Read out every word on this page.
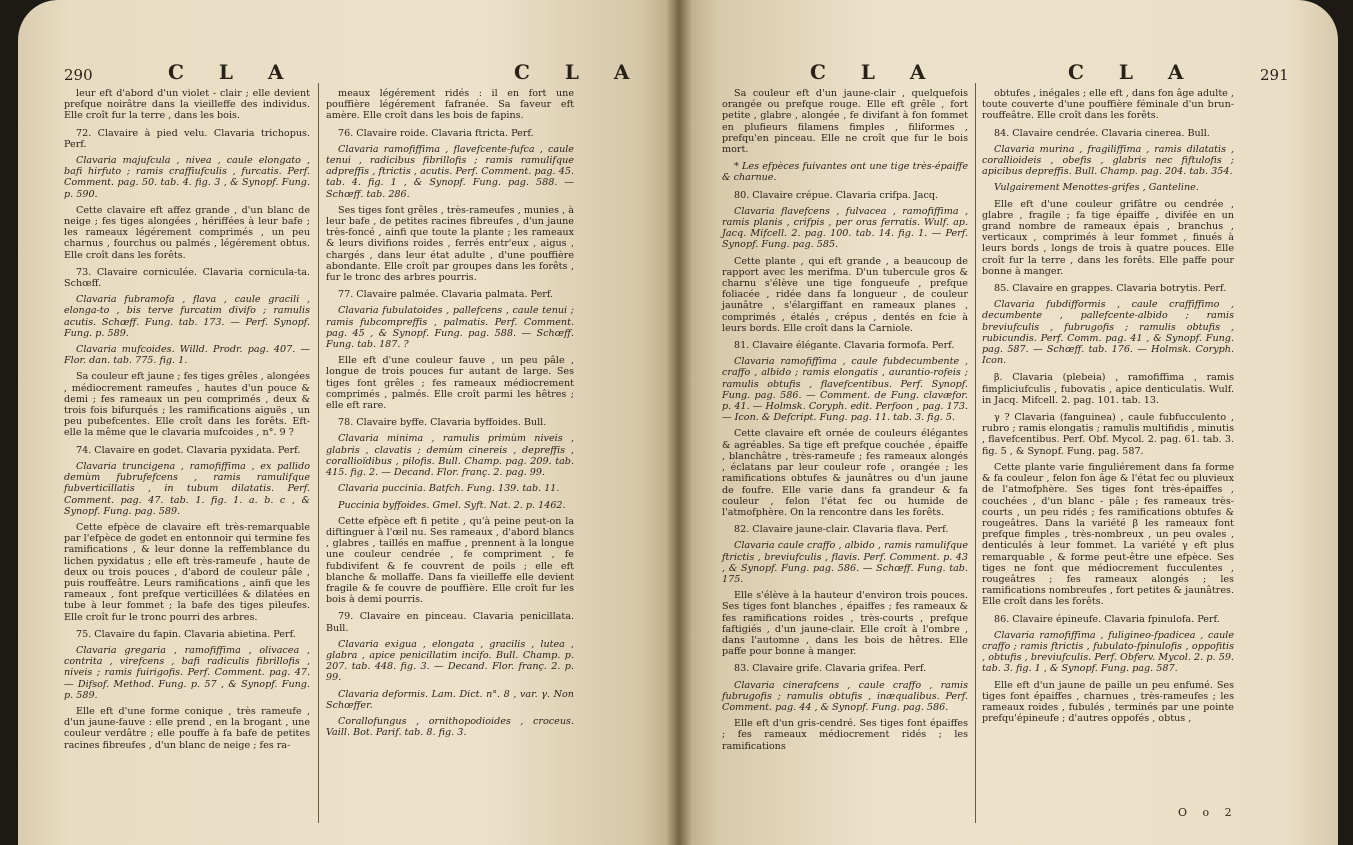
290	C L A	C L A

leur eft d'abord d'un violet - clair ; elle devient prefque noirâtre dans la vieilleffe des individus. Elle croît fur la terre , dans les bois.

72. Clavaire à pied velu. Clavaria trichopus. Perf.

Clavaria majufcula , nivea , caule elongato , bafi hirfuto ; ramis craffiufculis , furcatis. Perf. Comment. pag. 50. tab. 4. fig. 3 , & Synopf. Fung. p. 590.

Cette clavaire eft affez grande , d'un blanc de neige ; fes tiges alongées , hériffées à leur bafe ; les rameaux légérement comprimés , un peu charnus , fourchus ou palmés , légérement obtus. Elle croît dans les forêts.

73. Clavaire corniculée. Clavaria cornicula-ta. Schœff.

Clavaria fubramofa , flava , caule gracili , elonga-to , bis terve furcatim divifo ; ramulis acutis. Schœff. Fung. tab. 173. — Perf. Synopf. Fung. p. 589.

Clavaria mufcoides. Willd. Prodr. pag. 407. — Flor. dan. tab. 775. fig. 1.

Sa couleur eft jaune ; fes tiges grêles , alongées , médiocrement rameufes , hautes d'un pouce & demi ; fes rameaux un peu comprimés , deux & trois fois bifurqués ; les ramifications aiguës , un peu pubefcentes. Elle croît dans les forêts. Eft-elle la même que le clavaria mufcoides , n°. 9 ?

74. Clavaire en godet. Clavaria pyxidata. Perf.

Clavaria truncigena , ramofiffima , ex pallido demùm fubrufefcens , ramis ramulifque fubverticillatis , in tubum dilatatis. Perf. Comment. pag. 47. tab. 1. fig. 1. a. b. c , & Synopf. Fung. pag. 589.

Cette efpèce de clavaire eft très-remarquable par l'efpèce de godet en entonnoir qui termine fes ramifications , & leur donne la reffemblance du lichen pyxidatus ; elle eft très-rameufe , haute de deux ou trois pouces , d'abord de couleur pâle , puis rouffeâtre. Leurs ramifications , ainfi que les rameaux , font prefque verticillées & dilatées en tube à leur fommet ; la bafe des tiges pileufes. Elle croît fur le tronc pourri des arbres.

75. Clavaire du fapin. Clavaria abietina. Perf.

Clavaria gregaria , ramofiffima , olivacea , contrita , virefcens , bafi radiculis fibrillofis , niveis ; ramis fuirigofis. Perf. Comment. pag. 47. — Difsof. Method. Fung. p. 57 , & Synopf. Fung. p. 589.

Elle eft d'une forme conique , très rameufe , d'un jaune-fauve : elle prend , en la brogant , une couleur verdâtre ; elle pouffe à fa bafe de petites racines fibreufes , d'un blanc de neige ; fes ra-

meaux légérement ridés : il en fort une pouffière légérement fafranée. Sa faveur eft amère. Elle croît dans les bois de fapins.

76. Clavaire roide. Clavaria ftricta. Perf.

Clavaria ramofiffima , flavefcente-fufca , caule tenui , radicibus fibrillofis ; ramis ramulifque adpreffis , ftrictis , acutis. Perf. Comment. pag. 45. tab. 4. fig. 1 , & Synopf. Fung. pag. 588. — Schœff. tab. 286.

Ses tiges font grêles , très-rameufes , munies , à leur bafe , de petites racines fibreufes , d'un jaune très-foncé , ainfi que toute la plante ; les rameaux & leurs divifions roides , ferrés entr'eux , aigus , chargés , dans leur état adulte , d'une pouffière abondante. Elle croît par groupes dans les forêts , fur le tronc des arbres pourris.

77. Clavaire palmée. Clavaria palmata. Perf.

Clavaria fubulatoides , pallefcens , caule tenui ; ramis fubcompreffis , palmatis. Perf. Comment. pag. 45 , & Synopf. Fung. pag. 588. — Schœff. Fung. tab. 187. ?

Elle eft d'une couleur fauve , un peu pâle , longue de trois pouces fur autant de large. Ses tiges font grêles ; fes rameaux médiocrement comprimés , palmés. Elle croît parmi les hêtres ; elle eft rare.

78. Clavaire byffe. Clavaria byffoides. Bull.

Clavaria minima , ramulis primùm niveis , glabris , clavatis ; demùm cinereis , depreffis , corallioïdibus , pilofis. Bull. Champ. pag. 209. tab. 415. fig. 2. — Decand. Flor. franç. 2. pag. 99.

Clavaria puccinia. Batfch. Fung. 139. tab. 11.

Puccinia byffoides. Gmel. Syft. Nat. 2. p. 1462.

Cette efpèce eft fi petite , qu'à peine peut-on la diftinguer à l'œil nu. Ses rameaux , d'abord blancs , glabres , taillés en maffue , prennent à la longue une couleur cendrée , fe compriment , fe fubdivifent & fe couvrent de poils ; elle eft blanche & mollaffe. Dans fa vieilleffe elle devient fragile & fe couvre de pouffière. Elle croît fur les bois à demi pourris.

79. Clavaire en pinceau. Clavaria penicillata. Bull.

Clavaria exigua , elongata , gracilis , lutea , glabra , apice penicillatim incifo. Bull. Champ. p. 207. tab. 448. fig. 3. — Decand. Flor. franç. 2. p. 99.

Clavaria deformis. Lam. Dict. n°. 8 , var. γ. Non Schœffer.

Corallofungus , ornithopodioides , croceus. Vaill. Bot. Parif. tab. 8. fig. 3.

C L A	C L A	291

Sa couleur eft d'un jaune-clair , quelquefois orangée ou prefque rouge. Elle eft grêle , fort petite , glabre , alongée , fe divifant à fon fommet en plufieurs filamens fimples , filiformes , prefqu'en pinceau. Elle ne croît que fur le bois mort.

* Les efpèces fuivantes ont une tige très-épaiffe & charnue.

80. Clavaire crépue. Clavaria crifpa. Jacq.

Clavaria flavefcens , fulvacea , ramofiffima , ramis planis , crifpis , per oras ferratis. Wulf. ap. Jacq. Mifcell. 2. pag. 100. tab. 14. fig. 1. — Perf. Synopf. Fung. pag. 585.

Cette plante , qui eft grande , a beaucoup de rapport avec les merifma. D'un tubercule gros & charnu s'élève une tige fongueufe , prefque foliacée , ridée dans fa longueur , de couleur jaunâtre , s'élargiffant en rameaux planes , comprimés , étalés , crépus , dentés en fcie à leurs bords. Elle croît dans la Carniole.

81. Clavaire élégante. Clavaria formofa. Perf.

Clavaria ramofiffima , caule fubdecumbente , craffo , albido ; ramis elongatis , aurantio-rofeis ; ramulis obtufis , flavefcentibus. Perf. Synopf. Fung. pag. 586. — Comment. de Fung. clavæfor. p. 41. — Holmsk. Coryph. edit. Perfoon , pag. 173. — Icon. & Defcript. Fung. pag. 11. tab. 3. fig. 5.

Cette clavaire eft ornée de couleurs élégantes & agréables. Sa tige eft prefque couchée , épaiffe , blanchâtre , très-rameufe ; fes rameaux alongés , éclatans par leur couleur rofe , orangée ; les ramifications obtufes & jaunâtres ou d'un jaune de foufre. Elle varie dans fa grandeur & fa couleur , felon l'état fec ou humide de l'atmofphère. On la rencontre dans les forêts.

82. Clavaire jaune-clair. Clavaria flava. Perf.

Clavaria caule craffo , albido , ramis ramulifque ftrictis , breviufculis , flavis. Perf. Comment. p. 43 , & Synopf. Fung. pag. 586. — Schœff. Fung. tab. 175.

Elle s'élève à la hauteur d'environ trois pouces. Ses tiges font blanches , épaiffes ; fes rameaux & fes ramifications roides , très-courts , prefque faftigiés , d'un jaune-clair. Elle croît à l'ombre , dans l'automne , dans les bois de hêtres. Elle paffe pour bonne à manger.

83. Clavaire grife. Clavaria grifea. Perf.

Clavaria cinerafcens , caule craffo , ramis fubrugofis ; ramulis obtufis , inæqualibus. Perf. Comment. pag. 44 , & Synopf. Fung. pag. 586.

Elle eft d'un gris-cendré. Ses tiges font épaiffes ; fes rameaux médiocrement ridés ; les ramifications

obtufes , inégales ; elle eft , dans fon âge adulte , toute couverte d'une pouffière féminale d'un brun-rouffeâtre. Elle croît dans les forêts.

84. Clavaire cendrée. Clavaria cinerea. Bull.

Clavaria murina , fragiliffima , ramis dilatatis , corallioideis , obefis , glabris nec fiftulofis ; apicibus depreffis. Bull. Champ. pag. 204. tab. 354.

Vulgairement Menottes-grifes , Ganteline.

Elle eft d'une couleur grifâtre ou cendrée , glabre , fragile ; fa tige épaiffe , divifée en un grand nombre de rameaux épais , branchus , verticaux , comprimés à leur fommet , finués à leurs bords , longs de trois à quatre pouces. Elle croît fur la terre , dans les forêts. Elle paffe pour bonne à manger.

85. Clavaire en grappes. Clavaria botrytis. Perf.

Clavaria fubdifformis , caule craffiffimo , decumbente , pallefcente-albido ; ramis breviufculis , fubrugofis ; ramulis obtufis , rubicundis. Perf. Comm. pag. 41 , & Synopf. Fung. pag. 587. — Schœff. tab. 176. — Holmsk. Coryph. Icon.

β. Clavaria (plebeia) , ramofiffima , ramis fimpliciufculis , fubovatis , apice denticulatis. Wulf. in Jacq. Mifcell. 2. pag. 101. tab. 13.

γ ? Clavaria (fanguinea) , caule fubfucculento , rubro ; ramis elongatis ; ramulis multifidis , minutis , flavefcentibus. Perf. Obf. Mycol. 2. pag. 61. tab. 3. fig. 5 , & Synopf. Fung. pag. 587.

Cette plante varie finguliérement dans fa forme & fa couleur , felon fon âge & l'état fec ou pluvieux de l'atmofphère. Ses tiges font très-épaiffes , couchées , d'un blanc - pâle ; fes rameaux très-courts , un peu ridés ; fes ramifications obtufes & rougeâtres. Dans la variété β les rameaux font prefque fimples , très-nombreux , un peu ovales , denticulés à leur fommet. La variété γ eft plus remarquable , & forme peut-être une efpèce. Ses tiges ne font que médiocrement fucculentes , rougeâtres ; fes rameaux alongés ; les ramifications nombreufes , fort petites & jaunâtres. Elle croît dans les forêts.

86. Clavaire épineufe. Clavaria fpinulofa. Perf.

Clavaria ramofiffima , fuligineo-fpadicea , caule craffo ; ramis ftrictis , fubulato-fpinulofis , oppofitis , obtufis , breviufculis. Perf. Obferv. Mycol. 2. p. 59. tab. 3. fig. 1 , & Synopf. Fung. pag. 587.

Elle eft d'un jaune de paille un peu enfumé. Ses tiges font épaiffes , charnues , très-rameufes ; les rameaux roides , fubulés , terminés par une pointe prefqu'épineufe ; d'autres oppofés , obtus ,

O o 2
